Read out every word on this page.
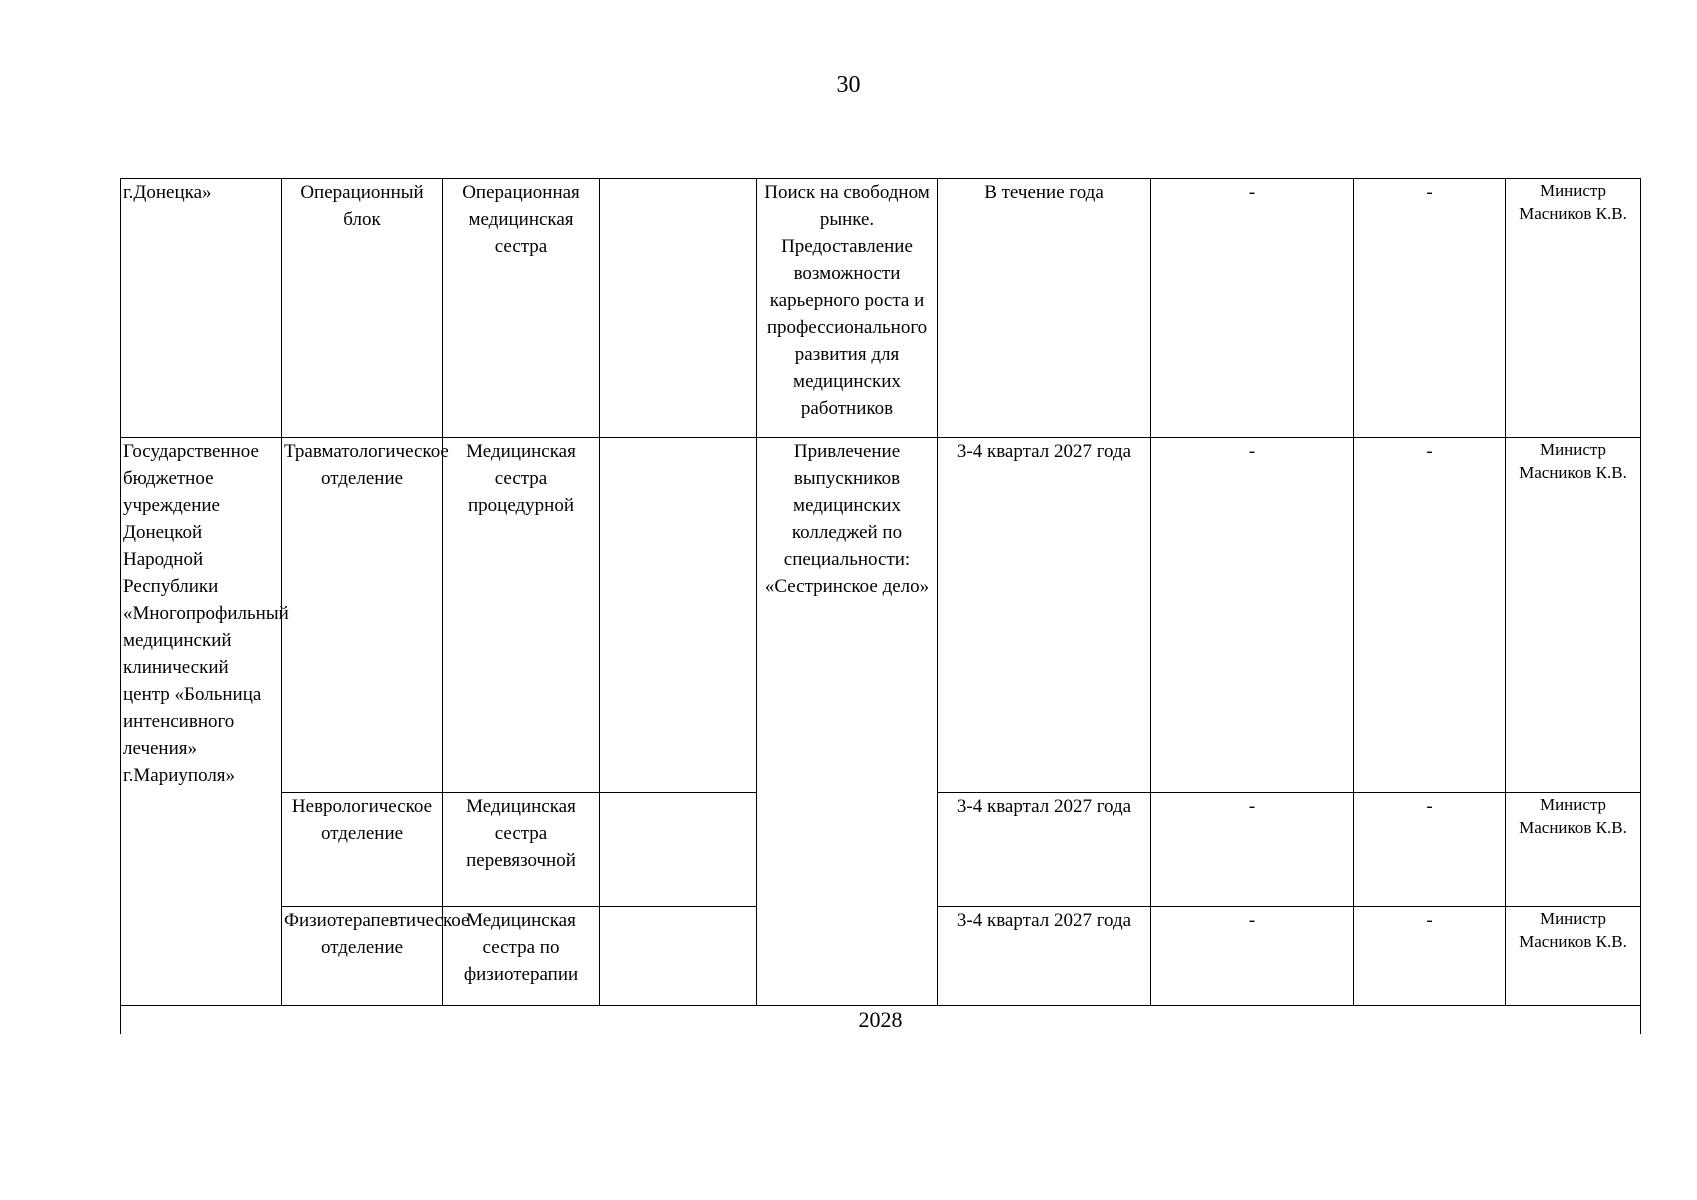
30
г.Донецка»	Операционный блок	Операционная медицинская сестра		Поиск на свободном рынке. Предоставление возможности карьерного роста и профессионального развития для медицинских работников	В течение года	-	-	Министр Масников К.В.
Государственное бюджетное учреждение Донецкой Народной Республики «Многопрофильный медицинский клинический центр «Больница интенсивного лечения» г.Мариуполя»	Травматологическое отделение	Медицинская сестра процедурной		Привлечение выпускников медицинских колледжей по специальности: «Сестринское дело»	3-4 квартал 2027 года	-	-	Министр Масников К.В.
	Неврологическое отделение	Медицинская сестра перевязочной			3-4 квартал 2027 года	-	-	Министр Масников К.В.
	Физиотерапевтическое отделение	Медицинская сестра по физиотерапии			3-4 квартал 2027 года	-	-	Министр Масников К.В.
2028								
